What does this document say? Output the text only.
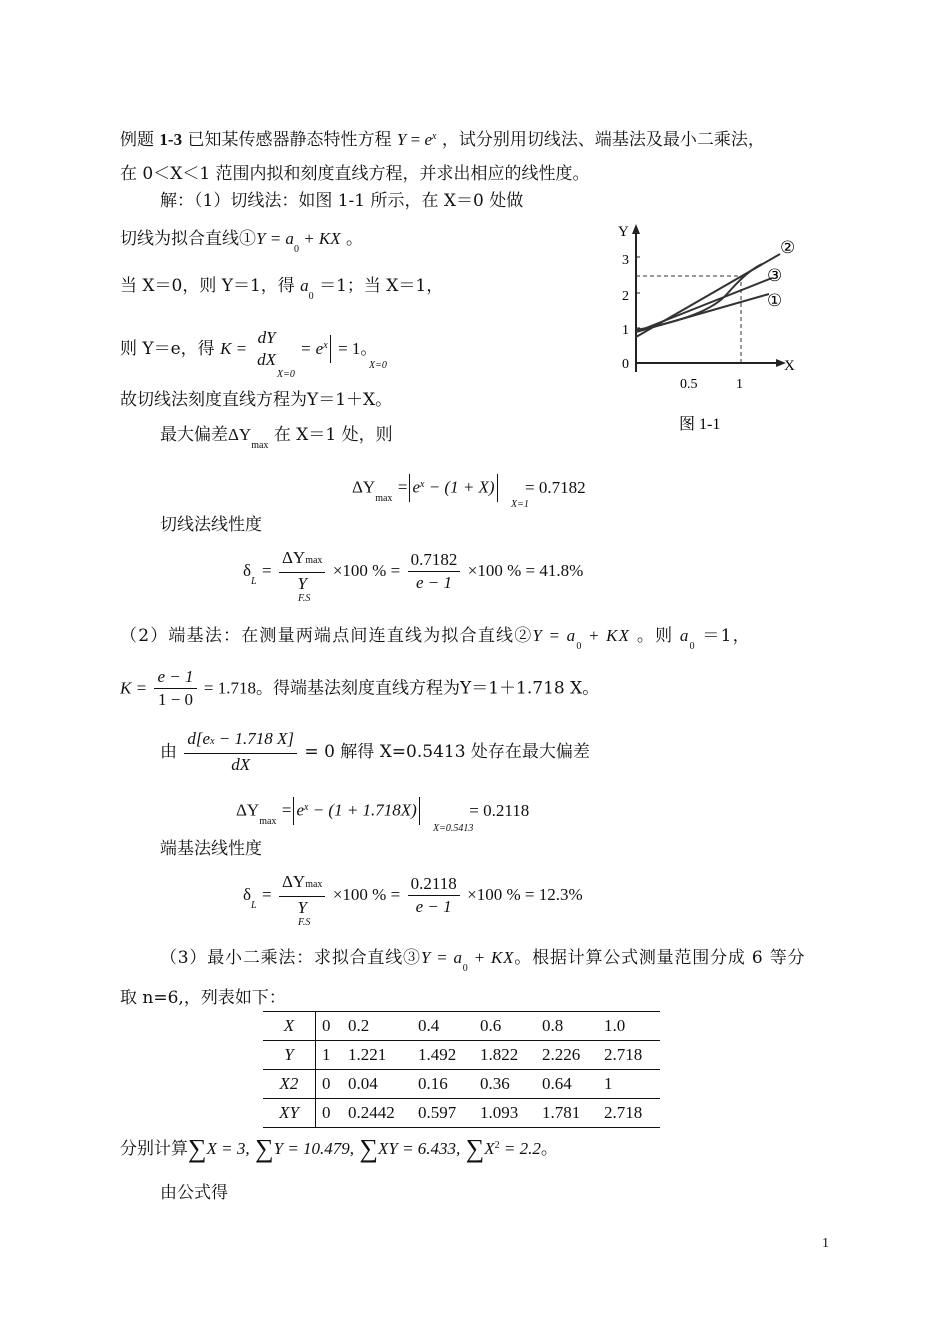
例题 1-3 已知某传感器静态特性方程 $Y = e^x$ ，试分别用切线法、端基法及最小二乘法，
在 0＜X＜1 范围内拟和刻度直线方程，并求出相应的线性度。
解：（1）切线法：如图 1-1 所示，在 X＝0 处做
切线为拟合直线①Y = $a_0$ + KX 。
当 X＝0，则 Y＝1，得 $a_0 =1$；当 X＝1，
则 Y＝e，得 K =
dY
dX
= $e^x = 1$。
X=0
X=0
故切线法刻度直线方程为Y＝1＋X。
最大偏差$\Delta Y_{max}$ 在 X＝1 处，则
$\Delta Y_{max} = e^x - (1 + X) = 0.7182$
X=1
切线法线性度
$\delta_L = \frac{\Delta Ymax}{Y} \times 100$ % = $\frac{0.7182}{e - 1} \times 100$ % = 41.8%
F.S
Y
X
3
2
1
0
0.5	1
②
③
①
图 1-1
（2）端基法：在测量两端点间连直线为拟合直线②Y = $a_0$ + KX 。则 $a_0 =1$，
$K = \frac{e - 1}{1 - 0} = 1.718$。得端基法刻度直线方程为Y＝1＋1.718 X。
由 $\frac{d[ex - 1.718 X]}{dX} = 0$ 解得 X=0.5413 处存在最大偏差
$\Delta Y_{max} = e^x - (1 + 1.718X)$	= 0.2118
X=0.5413
端基法线性度
$\delta_L = \frac{\Delta Ymax}{Y} \times 100$ % = $\frac{0.2118}{e - 1} \times 100$ % = 12.3%
F.S
（3）最小二乘法：求拟合直线③Y = $a_0$ + KX。根据计算公式测量范围分成 6 等分
取 n=6,，列表如下：
X	0	0.2	0.4	0.6	0.8	1.0
Y	1	1.221	1.492	1.822	2.226	2.718
X2	0	0.04	0.16	0.36	0.64	1
XY	0	0.2442	0.597	1.093	1.781	2.718
分别计算∑X = 3, ∑Y = 10.479, ∑XY = 6.433, $\sum X^2 = 2.2$。
由公式得
1
